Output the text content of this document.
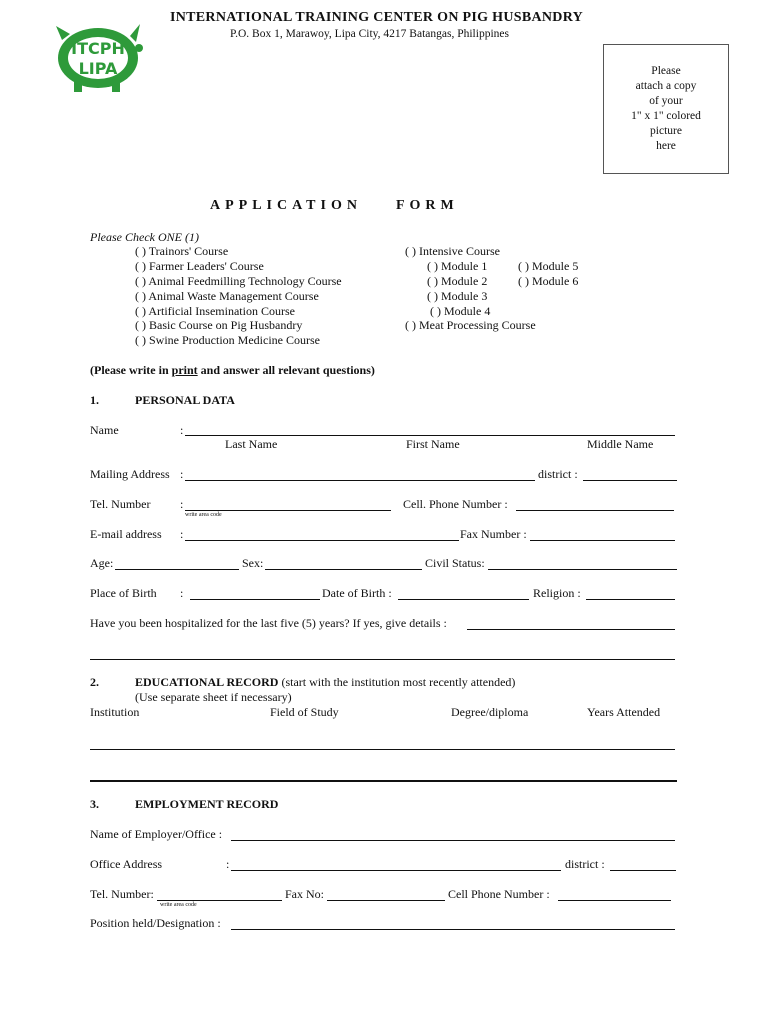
ITCPH
LIPA
INTERNATIONAL TRAINING CENTER ON PIG HUSBANDRY
P.O. Box 1, Marawoy, Lipa City, 4217 Batangas, Philippines
Please
attach a copy
of your
1" x 1" colored
picture
here
APPLICATION    FORM
Please Check ONE (1)
( ) Trainors' Course
( ) Farmer Leaders' Course
( ) Animal Feedmilling Technology Course
( ) Animal Waste Management Course
( ) Artificial Insemination Course
( ) Basic Course on Pig Husbandry
( ) Swine Production Medicine Course
( ) Intensive Course
( ) Module 1
( ) Module 2
( ) Module 3
( ) Module 4
( ) Module 5
( ) Module 6
( ) Meat Processing Course
(Please write in print and answer all relevant questions)
1.	PERSONAL DATA
Name	:
Last Name	First Name	Middle Name
Mailing Address :	district :
Tel. Number :
write area code
Cell. Phone Number :
E-mail address :	Fax Number :
Age:	Sex:	Civil Status:
Place of Birth :	Date of Birth :	Religion :
Have you been hospitalized for the last five (5) years? If yes, give details :
2.	EDUCATIONAL RECORD (start with the institution most recently attended)
(Use separate sheet if necessary)
Institution	Field of Study	Degree/diploma	Years Attended
3.	EMPLOYMENT RECORD
Name of Employer/Office :
Office Address	:	district :
Tel. Number:
write area code
Fax No:	Cell Phone Number :
Position held/Designation :
